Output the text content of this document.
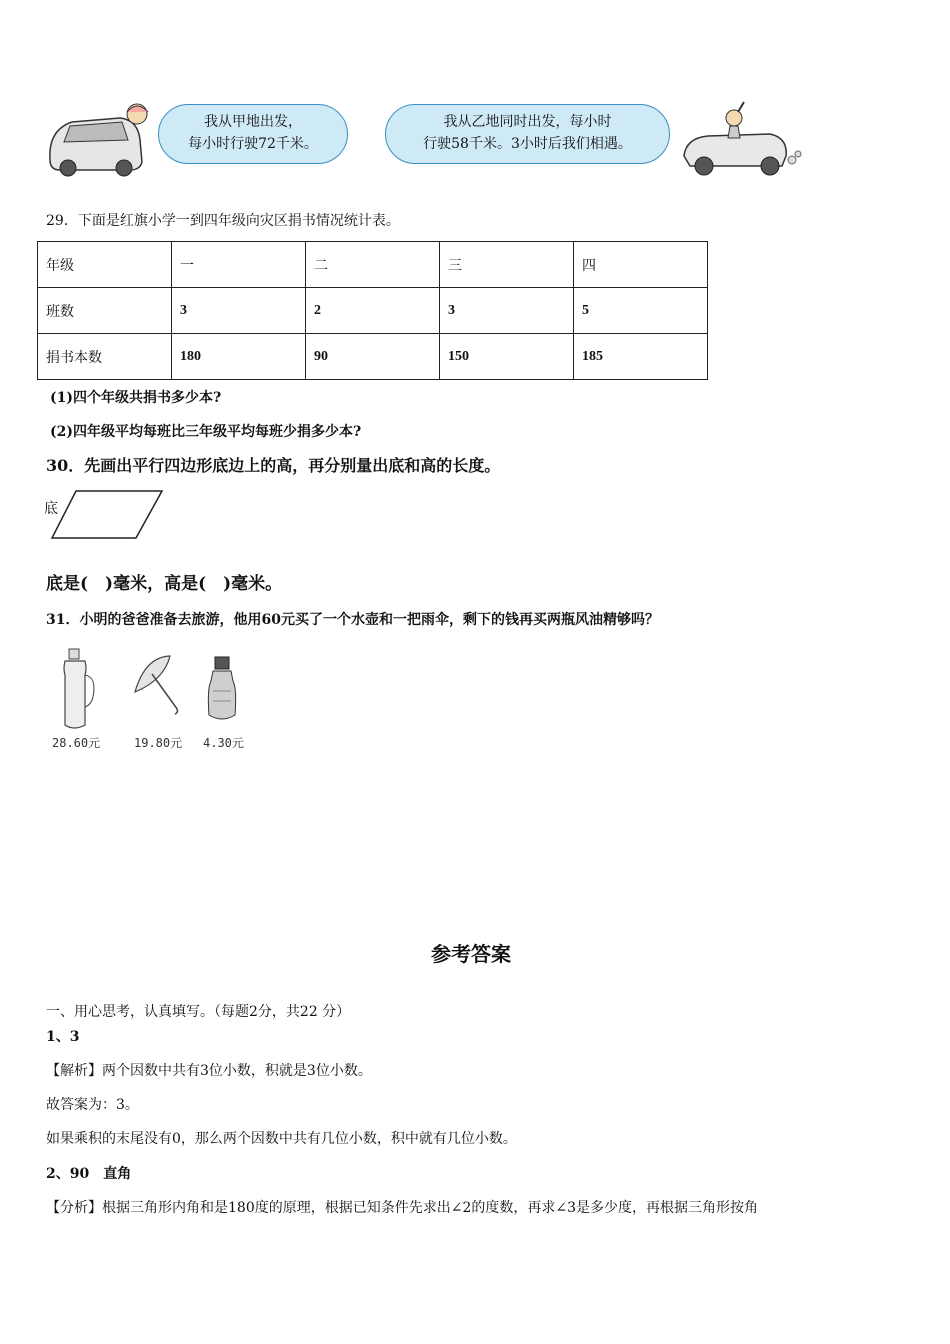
我从甲地出发，
每小时行驶72千米。
我从乙地同时出发，每小时
行驶58千米。3小时后我们相遇。
29．下面是红旗小学一到四年级向灾区捐书情况统计表。
年级	一	二	三	四
班数	3	2	3	5
捐书本数	180	90	150	185
(1)四个年级共捐书多少本?
(2)四年级平均每班比三年级平均每班少捐多少本?
30．先画出平行四边形底边上的高，再分别量出底和高的长度。
底
底是(　)毫米，高是(　)毫米。
31．小明的爸爸准备去旅游，他用60元买了一个水壶和一把雨伞，剩下的钱再买两瓶风油精够吗？
28.60元	19.80元 4.30元
参考答案
一、用心思考，认真填写。（每题2分，共22 分）
1、3
【解析】两个因数中共有3位小数，积就是3位小数。
故答案为：3。
如果乘积的末尾没有0，那么两个因数中共有几位小数，积中就有几位小数。
2、90　直角
【分析】根据三角形内角和是180度的原理，根据已知条件先求出∠2的度数，再求∠3是多少度，再根据三角形按角
